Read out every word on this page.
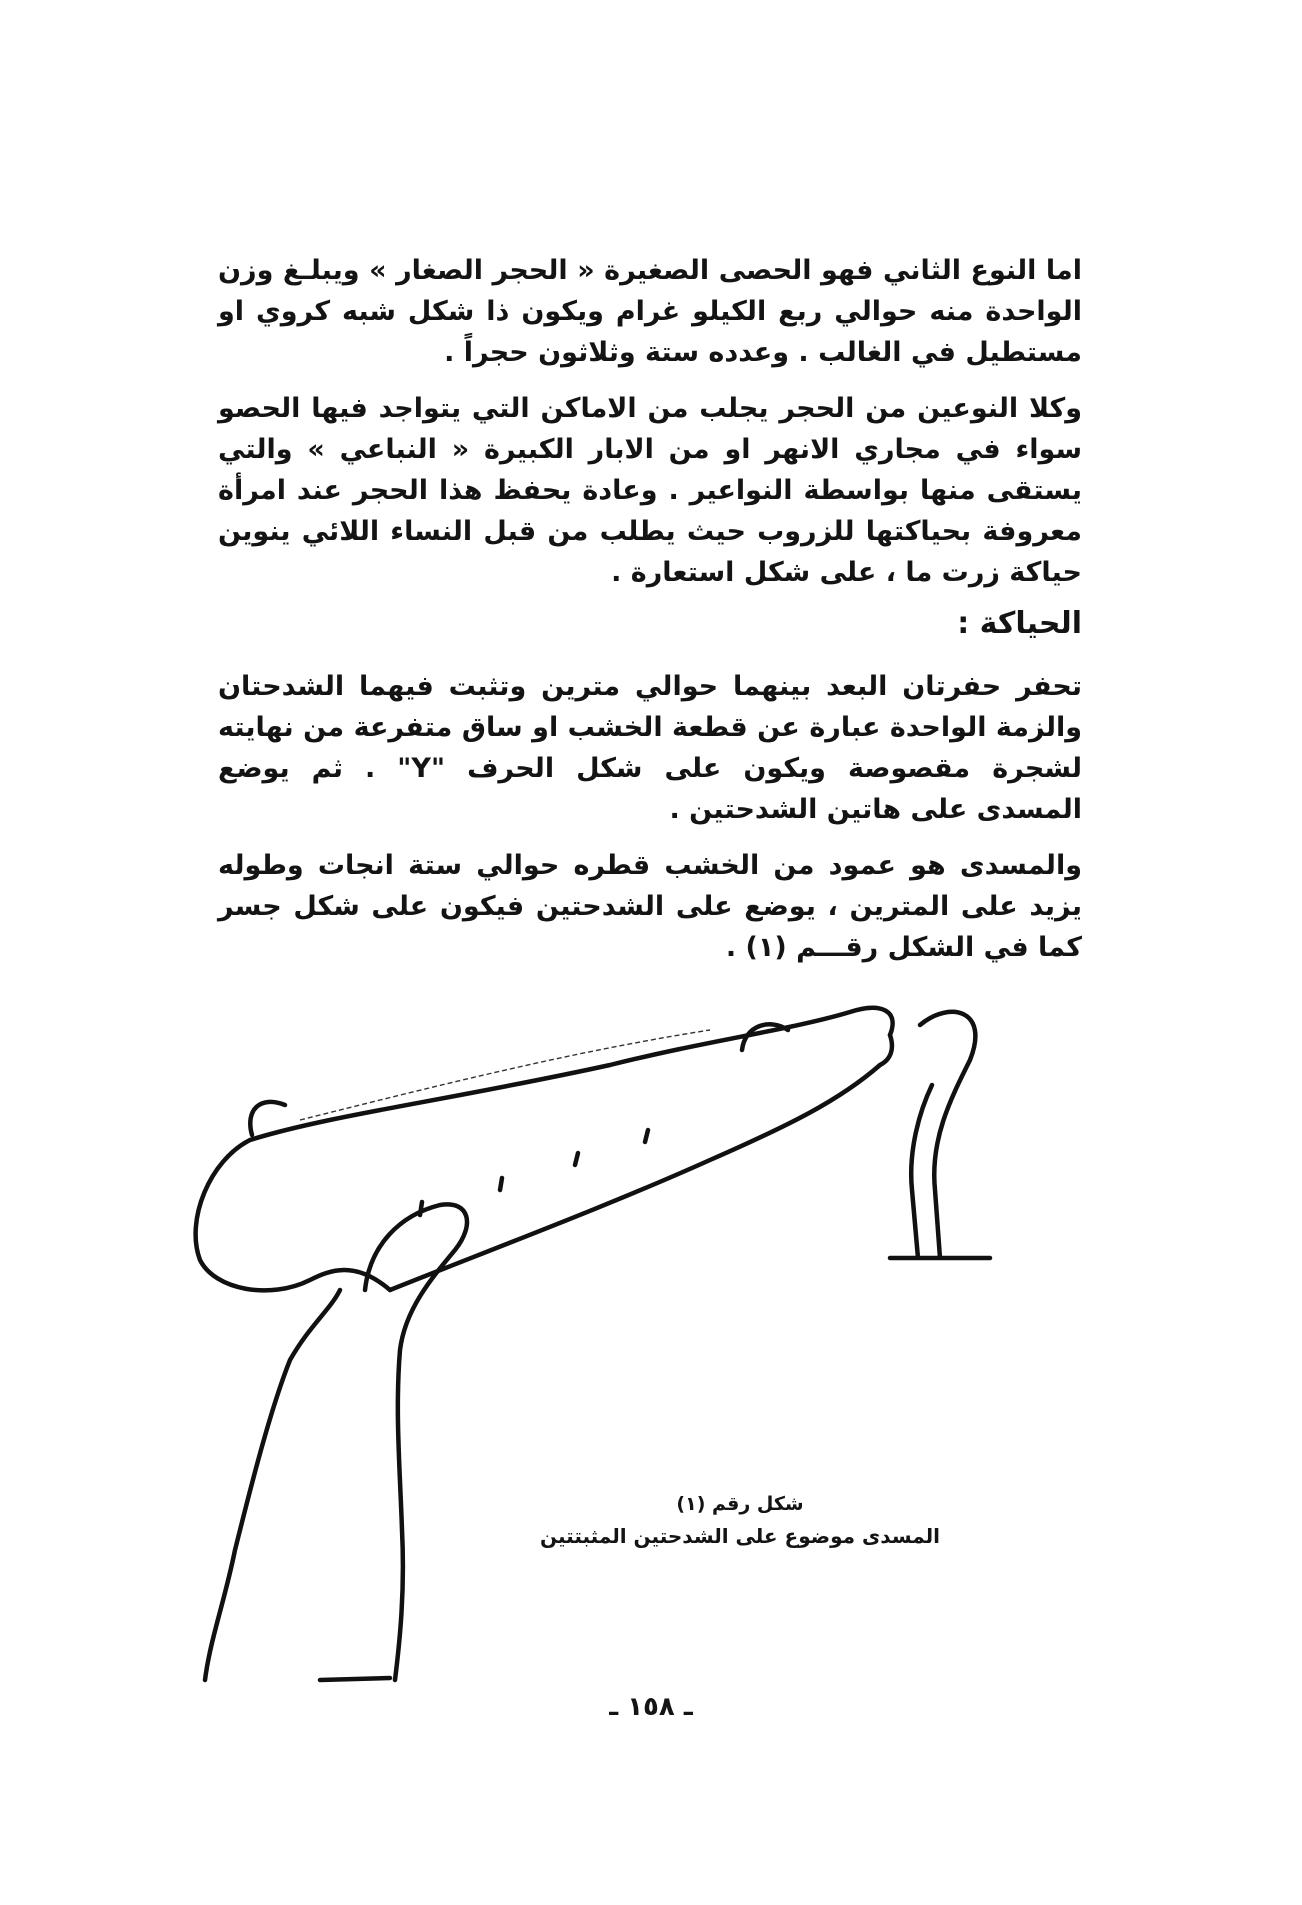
اما النوع الثاني فهو الحصى الصغيرة « الحجر الصغار » ويبلـغ وزن الواحدة منه حوالي ربع الكيلو غرام ويكون ذا شكل شبه كروي او مستطيل في الغالب . وعدده ستة وثلاثون حجراً .

وكلا النوعين من الحجر يجلب من الاماكن التي يتواجد فيها الحصو سواء في مجاري الانهر او من الابار الكبيرة « النباعي » والتي يستقى منها بواسطة النواعير . وعادة يحفظ هذا الحجر عند امرأة معروفة بحياكتها للزروب حيث يطلب من قبل النساء اللائي ينوين حياكة زرت ما ، على شكل استعارة .

الحياكة :

تحفر حفرتان البعد بينهما حوالي مترين وتثبت فيهما الشدحتان والزمة الواحدة عبارة عن قطعة الخشب او ساق متفرعة من نهايته لشجرة مقصوصة ويكون على شكل الحرف "Y" . ثم يوضع المسدى على هاتين الشدحتين .

والمسدى هو عمود من الخشب قطره حوالي ستة انجات وطوله يزيد على المترين ، يوضع على الشدحتين فيكون على شكل جسر كما في الشكل رقـــم (١) .

شكل رقم (١)

المسدى موضوع على الشدحتين المثبتتين

ـ ١٥٨ ـ
